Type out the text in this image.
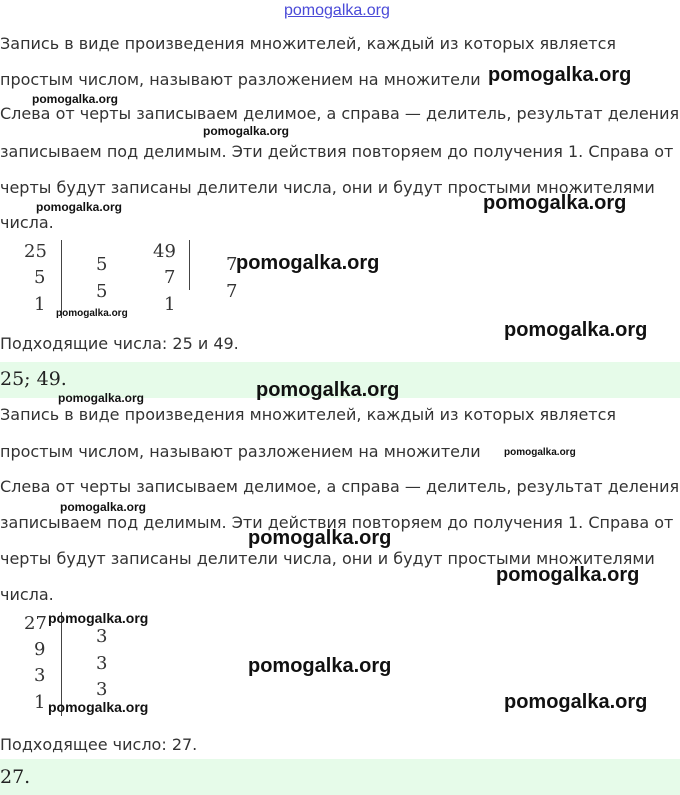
pomogalka.org
Запись в виде произведения множителей, каждый из которых является
простым числом, называют разложением на множители
Слева от черты записываем делимое, а справа — делитель, результат деления
записываем под делимым. Эти действия повторяем до получения 1. Справа от
черты будут записаны делители числа, они и будут простыми множителями
числа.
25
5
1
5
5
49
7
1
7
7
Подходящие числа: 25 и 49.
25; 49.
Запись в виде произведения множителей, каждый из которых является
простым числом, называют разложением на множители
Слева от черты записываем делимое, а справа — делитель, результат деления
записываем под делимым. Эти действия повторяем до получения 1. Справа от
черты будут записаны делители числа, они и будут простыми множителями
числа.
27
9
3
1
3
3
3
Подходящее число: 27.
27.
pomogalka.org
pomogalka.org
pomogalka.org
pomogalka.org	pomogalka.org
pomogalka.org
pomogalka.org
pomogalka.org
pomogalka.org
pomogalka.org
pomogalka.org
pomogalka.org
pomogalka.org
pomogalka.org
pomogalka.org
pomogalka.org
pomogalka.org	pomogalka.org
